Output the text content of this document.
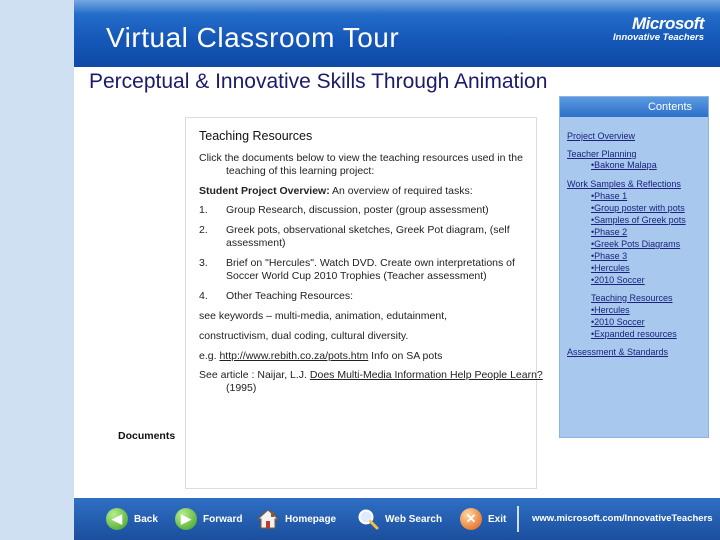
Virtual Classroom Tour	Microsoft
Innovative Teachers
Perceptual & Innovative Skills Through Animation
Teaching Resources
Click the documents below to view the teaching resources used in the teaching of this learning project:
Student Project Overview: An overview of required tasks:
1. Group Research, discussion, poster (group assessment)
2. Greek pots, observational sketches, Greek Pot diagram, (self assessment)
3. Brief on "Hercules". Watch DVD. Create own interpretations of Soccer World Cup 2010 Trophies (Teacher assessment)
4. Other Teaching Resources:
see keywords – multi-media, animation, edutainment,
constructivism, dual coding, cultural diversity.
e.g. http://www.rebith.co.za/pots.htm Info on SA pots
See article : Naijar, L.J. Does Multi-Media Information Help People Learn? (1995)
Documents
Contents
Project Overview
Teacher Planning
•Bakone Malapa
Work Samples & Reflections
•Phase 1
•Group poster with pots
•Samples of Greek pots
•Phase 2
•Greek Pots Diagrams
•Phase 3
•Hercules
•2010 Soccer
Teaching Resources
•Hercules
•2010 Soccer
•Expanded resources
Assessment & Standards
◀	Back	▶	Forward	Homepage	Web Search	✕	Exit	www.microsoft.com/InnovativeTeachers
